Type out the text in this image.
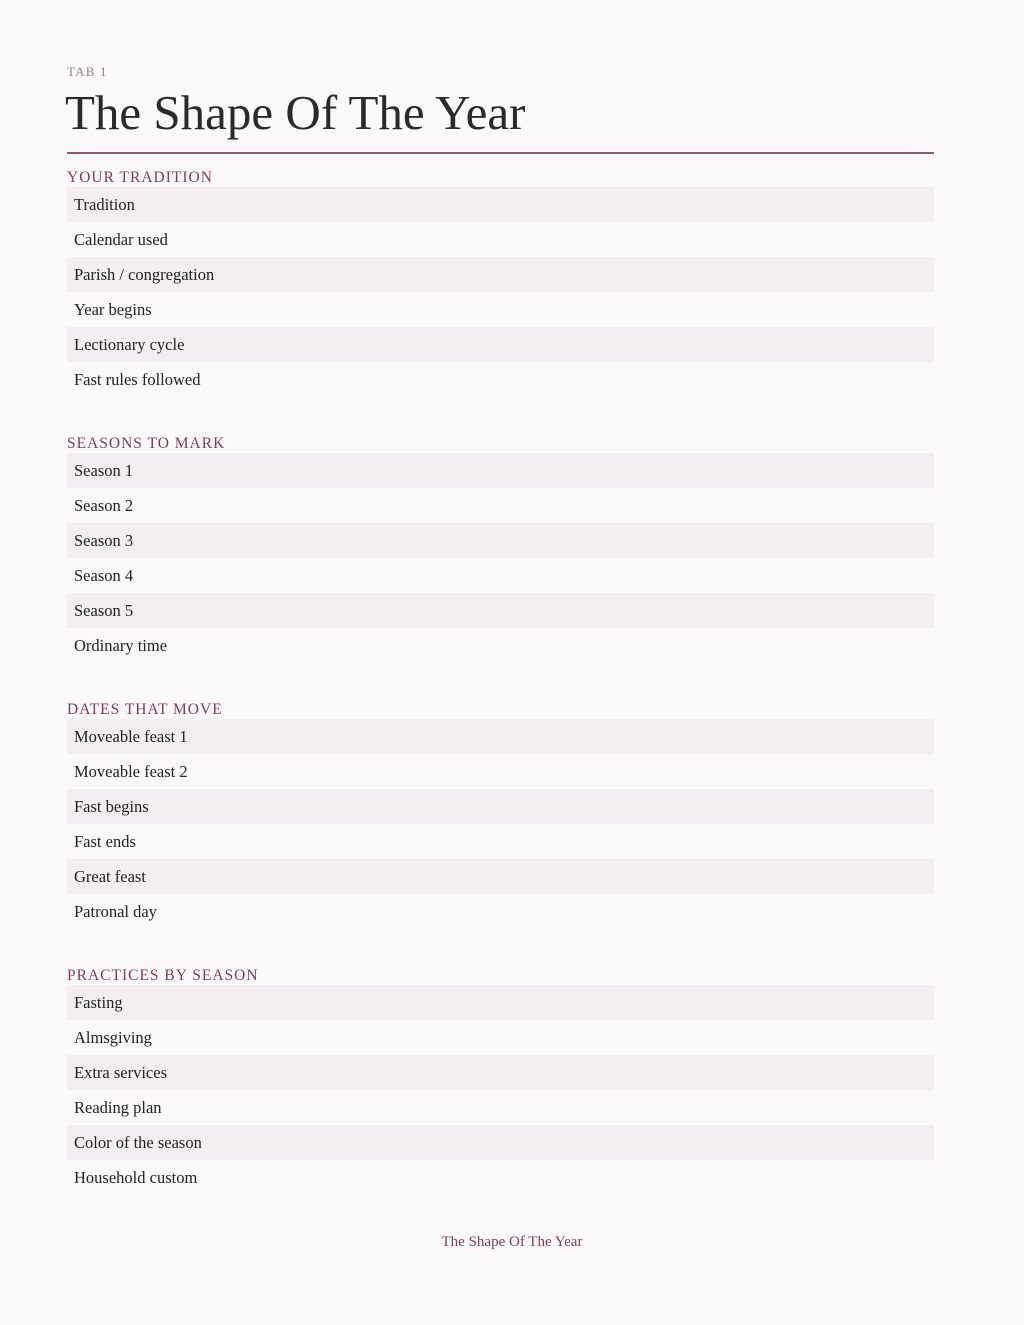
TAB 1
The Shape Of The Year
YOUR TRADITION
Tradition
Calendar used
Parish / congregation
Year begins
Lectionary cycle
Fast rules followed
SEASONS TO MARK
Season 1
Season 2
Season 3
Season 4
Season 5
Ordinary time
DATES THAT MOVE
Moveable feast 1
Moveable feast 2
Fast begins
Fast ends
Great feast
Patronal day
PRACTICES BY SEASON
Fasting
Almsgiving
Extra services
Reading plan
Color of the season
Household custom
The Shape Of The Year
